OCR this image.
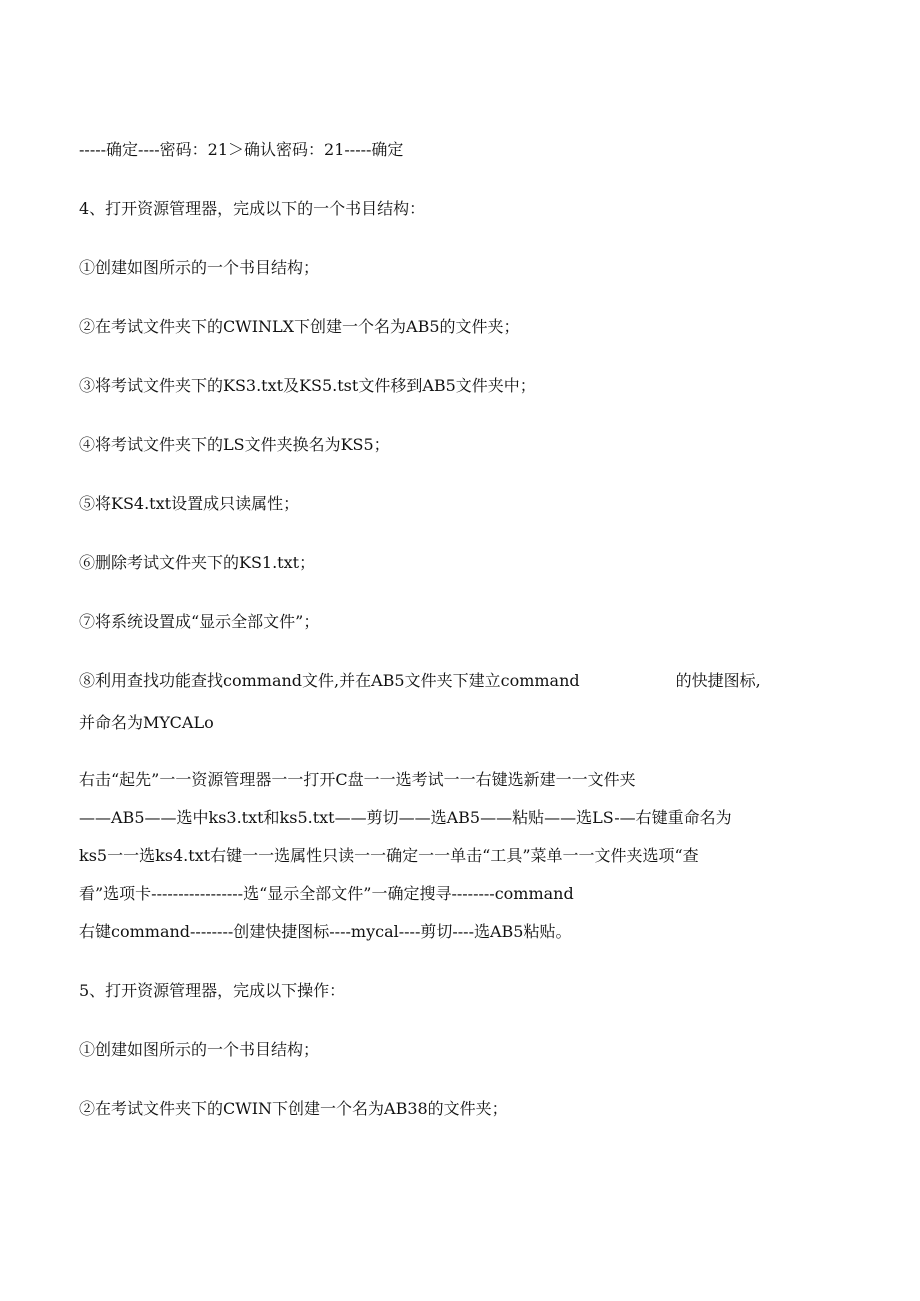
-----确定----密码：21＞确认密码：21-----确定
4、打开资源管理器，完成以下的一个书目结构：
①创建如图所示的一个书目结构；
②在考试文件夹下的CWINLX下创建一个名为AB5的文件夹；
③将考试文件夹下的KS3.txt及KS5.tst文件移到AB5文件夹中；
④将考试文件夹下的LS文件夹换名为KS5；
⑤将KS4.txt设置成只读属性；
⑥删除考试文件夹下的KS1.txt；
⑦将系统设置成“显示全部文件”；
⑧利用查找功能查找command文件,并在AB5文件夹下建立command	的快捷图标,
并命名为MYCALo
右击“起先”一一资源管理器一一打开C盘一一选考试一一右键选新建一一文件夹
——AB5——选中ks3.txt和ks5.txt——剪切——选AB5——粘贴——选LS-—右键重命名为
ks5一一选ks4.txt右键一一选属性只读一一确定一一单击“工具”菜单一一文件夹选项“查
看”选项卡-----------------选“显示全部文件”一确定搜寻--------command
右键command--------创建快捷图标----mycal----剪切----选AB5粘贴。
5、打开资源管理器，完成以下操作：
①创建如图所示的一个书目结构；
②在考试文件夹下的CWIN下创建一个名为AB38的文件夹；
